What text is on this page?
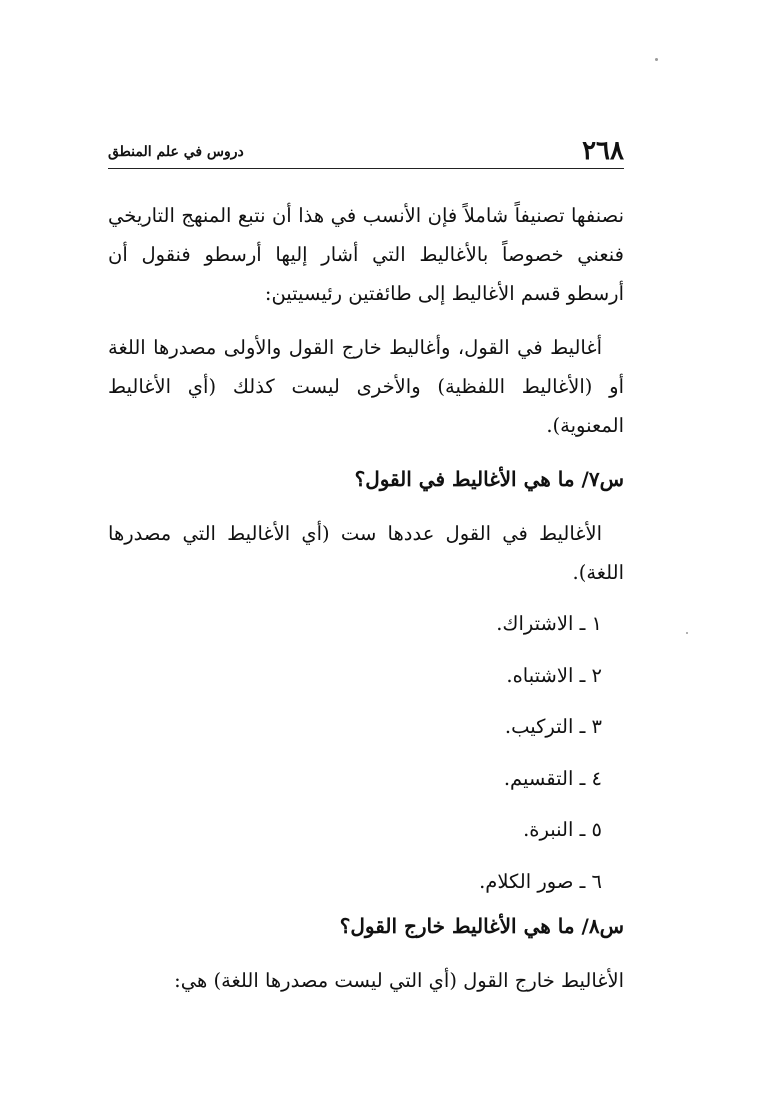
٢٦٨
دروس في علم المنطق

نصنفها تصنيفاً شاملاً فإن الأنسب في هذا أن نتبع المنهج التاريخي فنعني خصوصاً بالأغاليط التي أشار إليها أرسطو فنقول أن أرسطو قسم الأغاليط إلى طائفتين رئيسيتين:

أغاليط في القول، وأغاليط خارج القول والأولى مصدرها اللغة أو (الأغاليط اللفظية) والأخرى ليست كذلك (أي الأغاليط المعنوية).

س٧/ ما هي الأغاليط في القول؟

الأغاليط في القول عددها ست (أي الأغاليط التي مصدرها اللغة).

١ ـ الاشتراك.

٢ ـ الاشتباه.

٣ ـ التركيب.

٤ ـ التقسيم.

٥ ـ النبرة.

٦ ـ صور الكلام.

س٨/ ما هي الأغاليط خارج القول؟

الأغاليط خارج القول (أي التي ليست مصدرها اللغة) هي:
